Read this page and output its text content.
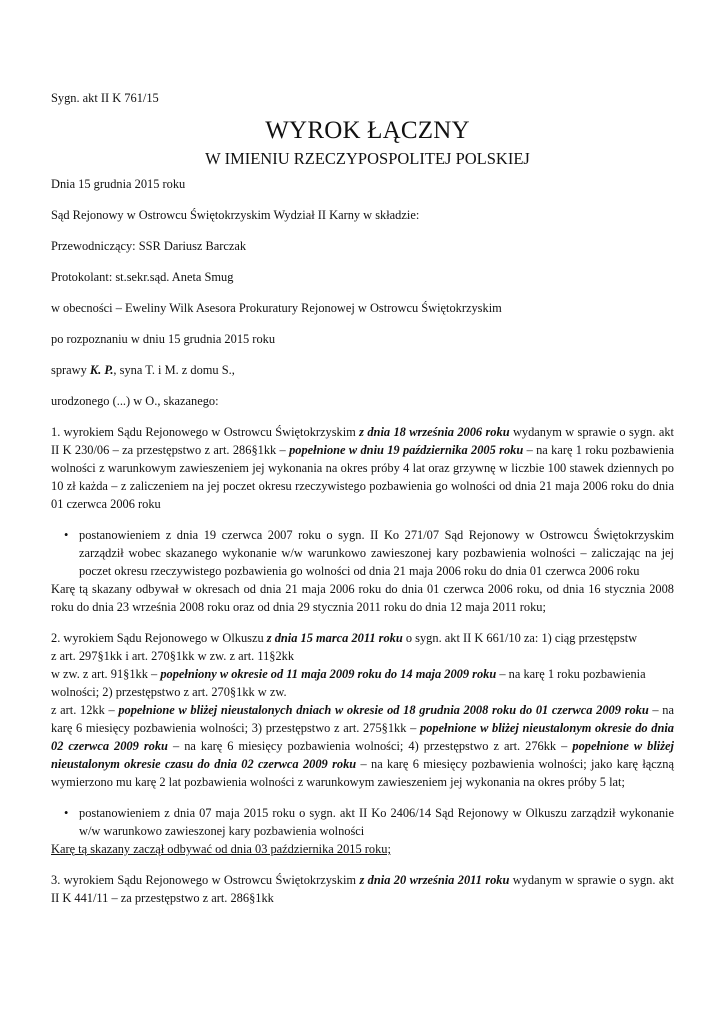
Sygn. akt II K 761/15

WYROK ŁĄCZNY

W IMIENIU RZECZYPOSPOLITEJ POLSKIEJ

Dnia 15 grudnia 2015 roku

Sąd Rejonowy w Ostrowcu Świętokrzyskim Wydział II Karny w składzie:

Przewodniczący: SSR Dariusz Barczak

Protokolant: st.sekr.sąd. Aneta Smug

w obecności – Eweliny Wilk Asesora Prokuratury Rejonowej w Ostrowcu Świętokrzyskim

po rozpoznaniu w dniu 15 grudnia 2015 roku

sprawy K. P., syna T. i M. z domu S.,

urodzonego (...) w O., skazanego:

1. wyrokiem Sądu Rejonowego w Ostrowcu Świętokrzyskim z dnia 18 września 2006 roku wydanym w sprawie o sygn. akt II K 230/06 – za przestępstwo z art. 286§1kk – popełnione w dniu 19 października 2005 roku – na karę 1 roku pozbawienia wolności z warunkowym zawieszeniem jej wykonania na okres próby 4 lat oraz grzywnę w liczbie 100 stawek dziennych po 10 zł każda – z zaliczeniem na jej poczet okresu rzeczywistego pozbawienia go wolności od dnia 21 maja 2006 roku do dnia 01 czerwca 2006 roku

• postanowieniem z dnia 19 czerwca 2007 roku o sygn. II Ko 271/07 Sąd Rejonowy w Ostrowcu Świętokrzyskim zarządził wobec skazanego wykonanie w/w warunkowo zawieszonej kary pozbawienia wolności – zaliczając na jej poczet okresu rzeczywistego pozbawienia go wolności od dnia 21 maja 2006 roku do dnia 01 czerwca 2006 roku

Karę tą skazany odbywał w okresach od dnia 21 maja 2006 roku do dnia 01 czerwca 2006 roku, od dnia 16 stycznia 2008 roku do dnia 23 września 2008 roku oraz od dnia 29 stycznia 2011 roku do dnia 12 maja 2011 roku;

2. wyrokiem Sądu Rejonowego w Olkuszu z dnia 15 marca 2011 roku o sygn. akt II K 661/10 za: 1) ciąg przestępstw
z art. 297§1kk i art. 270§1kk w zw. z art. 11§2kk
w zw. z art. 91§1kk – popełniony w okresie od 11 maja 2009 roku do 14 maja 2009 roku – na karę 1 roku pozbawienia wolności; 2) przestępstwo z art. 270§1kk w zw.
z art. 12kk – popełnione w bliżej nieustalonych dniach w okresie od 18 grudnia 2008 roku do 01 czerwca 2009 roku – na karę 6 miesięcy pozbawienia wolności; 3) przestępstwo z art. 275§1kk – popełnione w bliżej nieustalonym okresie do dnia 02 czerwca 2009 roku – na karę 6 miesięcy pozbawienia wolności; 4) przestępstwo z art. 276kk – popełnione w bliżej nieustalonym okresie czasu do dnia 02 czerwca 2009 roku – na karę 6 miesięcy pozbawienia wolności; jako karę łączną wymierzono mu karę 2 lat pozbawienia wolności z warunkowym zawieszeniem jej wykonania na okres próby 5 lat;

• postanowieniem z dnia 07 maja 2015 roku o sygn. akt II Ko 2406/14 Sąd Rejonowy w Olkuszu zarządził wykonanie w/w warunkowo zawieszonej kary pozbawienia wolności

Karę tą skazany zaczął odbywać od dnia 03 października 2015 roku;

3. wyrokiem Sądu Rejonowego w Ostrowcu Świętokrzyskim z dnia 20 września 2011 roku wydanym w sprawie o sygn. akt II K 441/11 – za przestępstwo z art. 286§1kk
